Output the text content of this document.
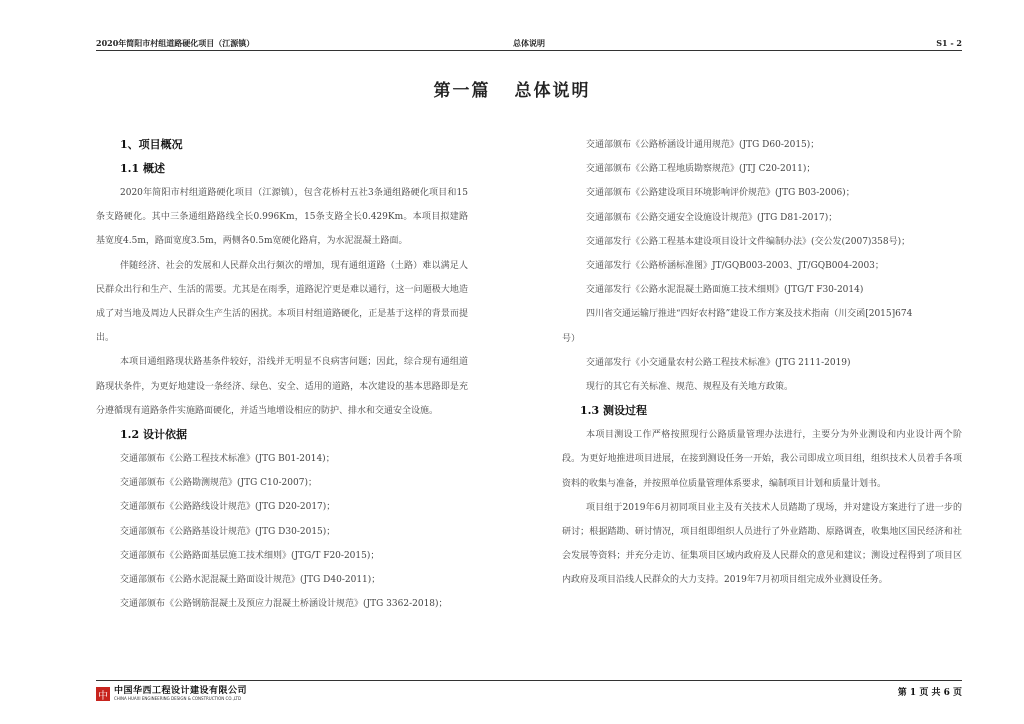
2020年简阳市村组道路硬化项目（江源镇）	总体说明	S1 - 2
第一篇 总体说明
1、项目概况
1.1 概述

2020年简阳市村组道路硬化项目（江源镇），包含花桥村五社3条通组路硬化项目和15条支路硬化。其中三条通组路路线全长0.996Km，15条支路全长0.429Km。本项目拟建路基宽度4.5m，路面宽度3.5m，两侧各0.5m宽硬化路肩，为水泥混凝土路面。

伴随经济、社会的发展和人民群众出行频次的增加，现有通组道路（土路）难以满足人民群众出行和生产、生活的需要。尤其是在雨季，道路泥泞更是难以通行，这一问题极大地造成了对当地及周边人民群众生产生活的困扰。本项目村组道路硬化，正是基于这样的背景而提出。

本项目通组路现状路基条件较好，沿线并无明显不良病害问题；因此，综合现有通组道路现状条件，为更好地建设一条经济、绿色、安全、适用的道路，本次建设的基本思路即是充分遵循现有道路条件实施路面硬化，并适当地增设相应的防护、排水和交通安全设施。

1.2 设计依据

交通部颁布《公路工程技术标准》(JTG B01-2014)；

交通部颁布《公路勘测规范》(JTG C10-2007)；

交通部颁布《公路路线设计规范》(JTG D20-2017)；

交通部颁布《公路路基设计规范》(JTG D30-2015)；

交通部颁布《公路路面基层施工技术细则》(JTG/T F20-2015)；

交通部颁布《公路水泥混凝土路面设计规范》(JTG D40-2011)；

交通部颁布《公路钢筋混凝土及预应力混凝土桥涵设计规范》(JTG 3362-2018)；

交通部颁布《公路桥涵设计通用规范》(JTG D60-2015)；

交通部颁布《公路工程地质勘察规范》(JTJ C20-2011)；

交通部颁布《公路建设项目环境影响评价规范》(JTG B03-2006)；

交通部颁布《公路交通安全设施设计规范》(JTG D81-2017)；

交通部发行《公路工程基本建设项目设计文件编制办法》(交公发(2007)358号)；

交通部发行《公路桥涵标准图》JT/GQB003-2003、JT/GQB004-2003；

交通部发行《公路水泥混凝土路面施工技术细则》(JTG/T F30-2014)

四川省交通运输厅推进“四好农村路”建设工作方案及技术指南（川交函[2015]674
号）

交通部发行《小交通量农村公路工程技术标准》(JTG 2111-2019)

现行的其它有关标准、规范、规程及有关地方政策。

1.3 测设过程

本项目测设工作严格按照现行公路质量管理办法进行，主要分为外业测设和内业设计两个阶段。为更好地推进项目进展，在接到测设任务一开始，我公司即成立项目组，组织技术人员着手各项资料的收集与准备，并按照单位质量管理体系要求，编制项目计划和质量计划书。

项目组于2019年6月初同项目业主及有关技术人员踏勘了现场，并对建设方案进行了进一步的研讨；根据踏勘、研讨情况，项目组即组织人员进行了外业踏勘、原路调查，收集地区国民经济和社会发展等资料；并充分走访、征集项目区域内政府及人民群众的意见和建议；测设过程得到了项目区内政府及项目沿线人民群众的大力支持。2019年7月初项目组完成外业测设任务。

中 中国华西工程设计建设有限公司
CHINA HUAXI ENGINEERING DESIGN & CONSTRUCTION CO.,LTD
第 1 页 共 6 页
